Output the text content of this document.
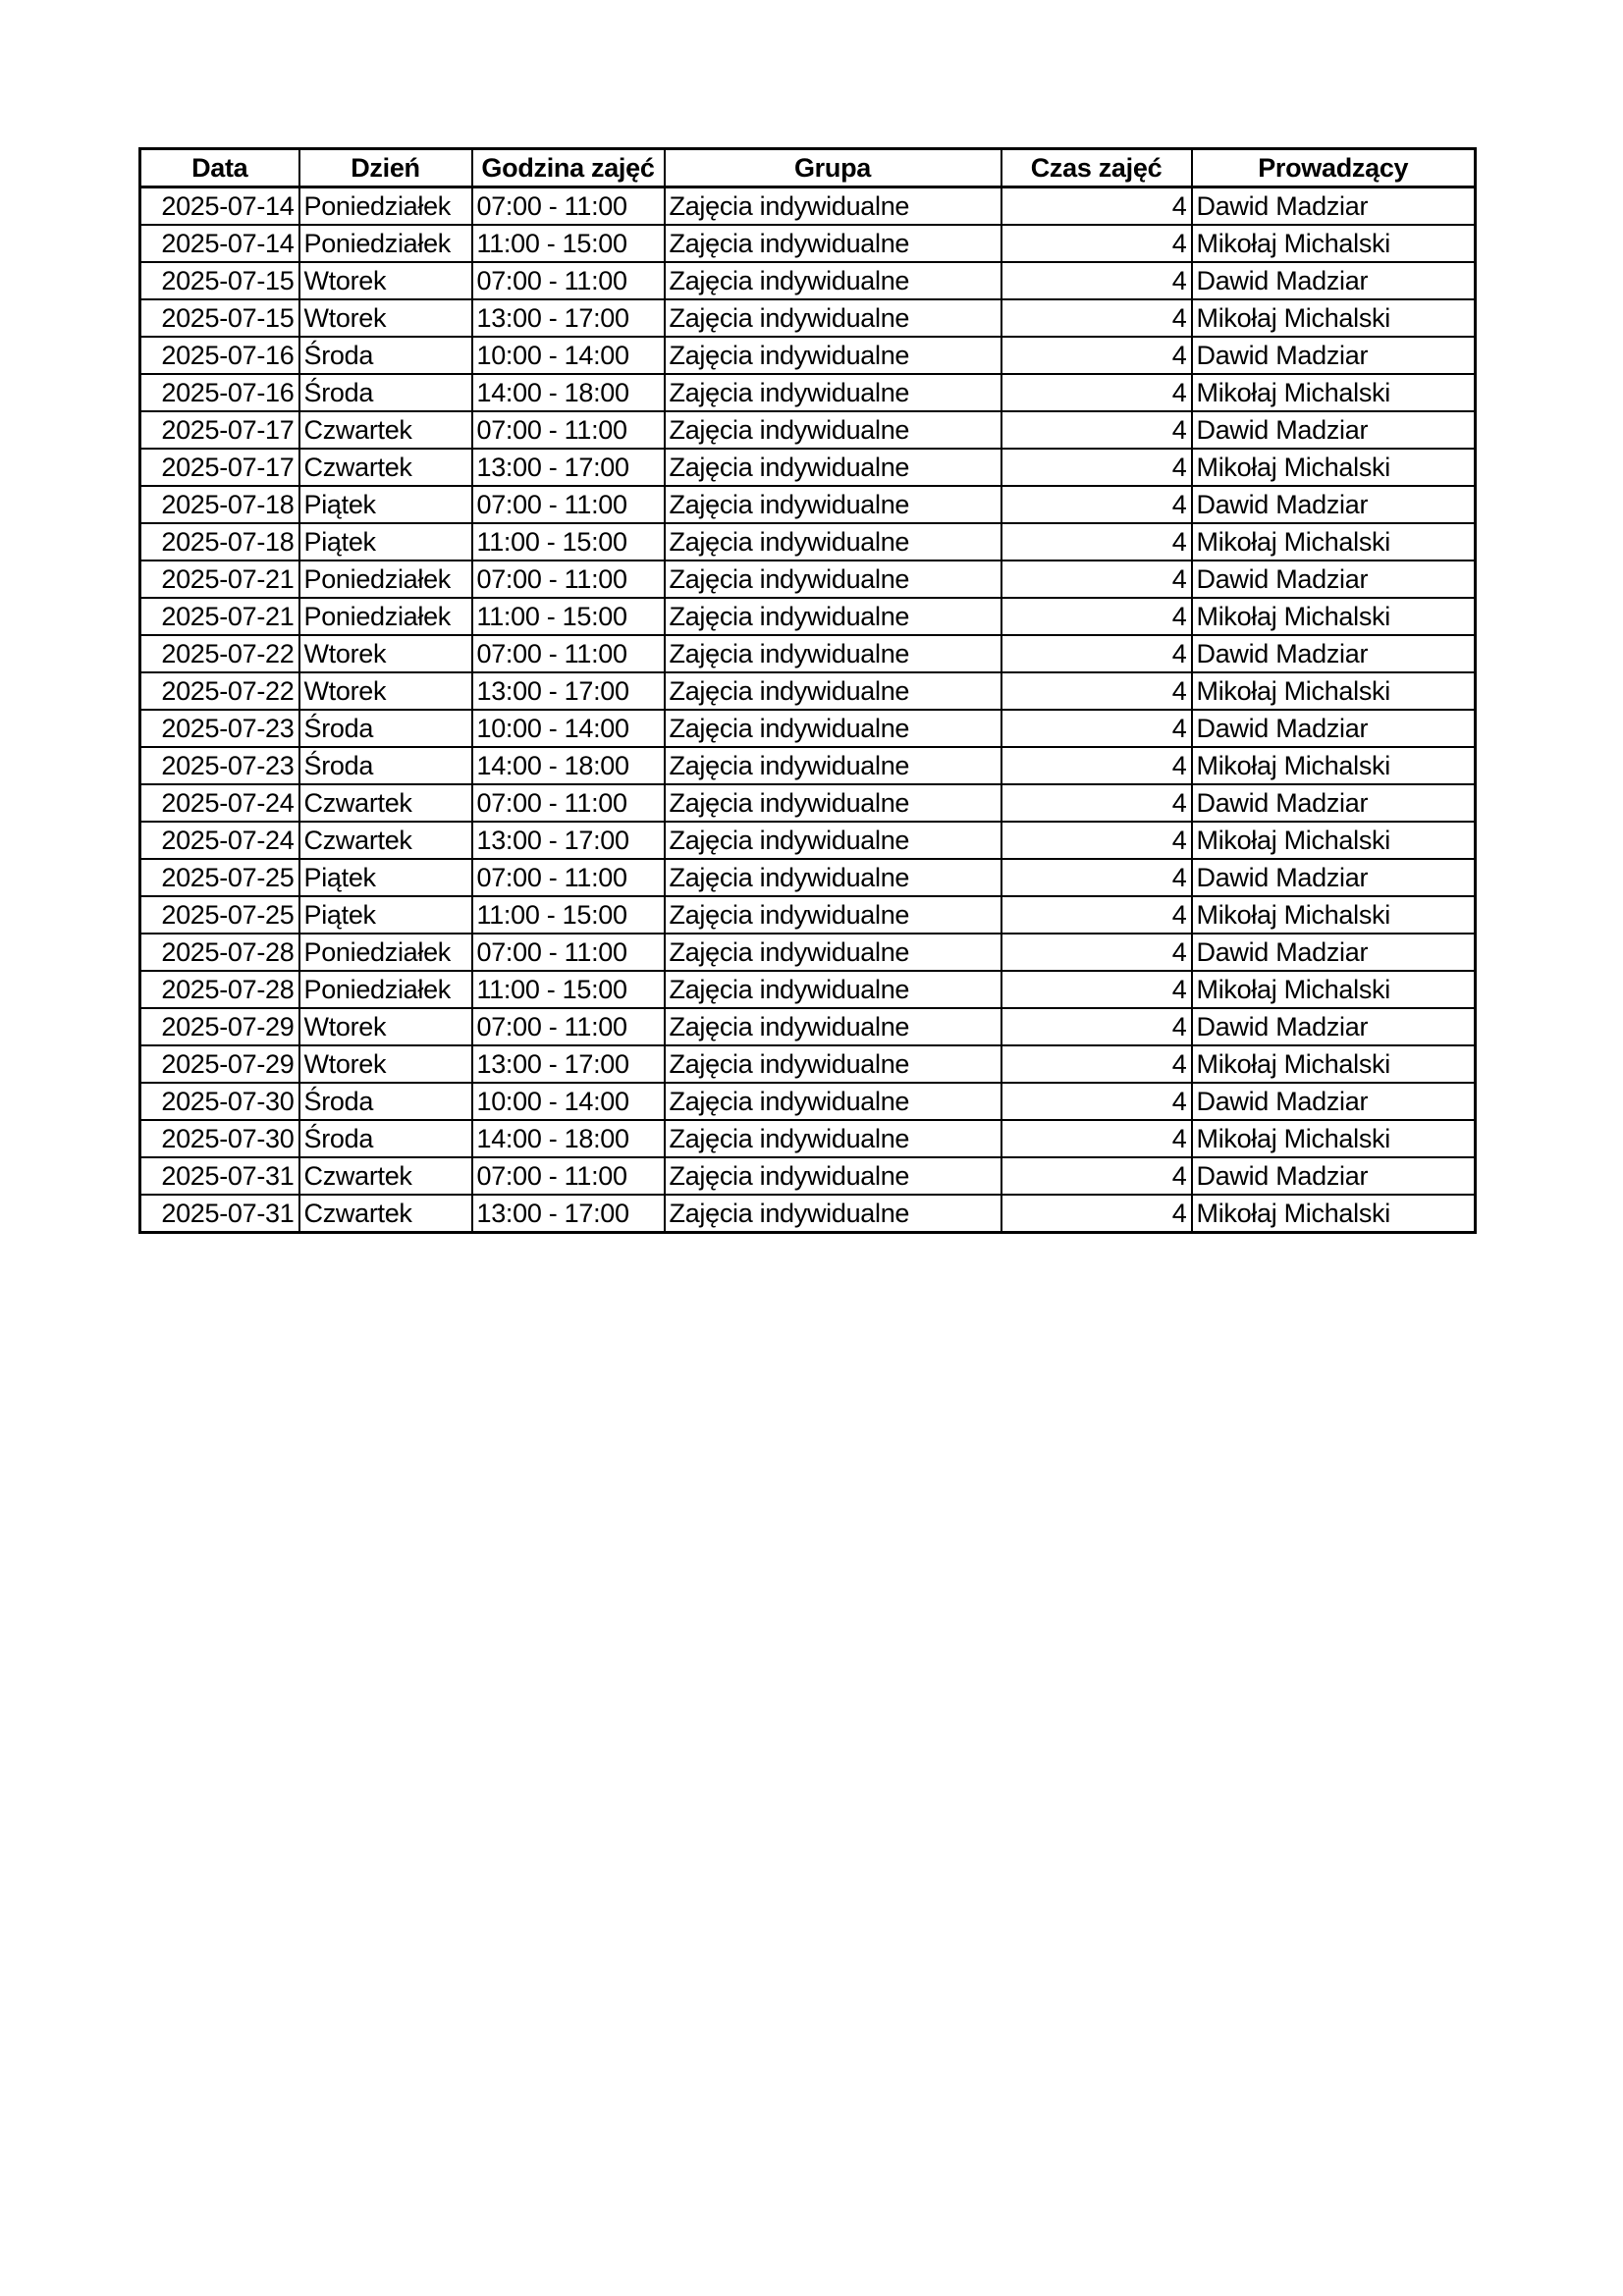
Data	Dzień	Godzina zajęć	Grupa	Czas zajęć	Prowadzący
2025-07-14	Poniedziałek	07:00 - 11:00	Zajęcia indywidualne	4	Dawid Madziar
2025-07-14	Poniedziałek	11:00 - 15:00	Zajęcia indywidualne	4	Mikołaj Michalski
2025-07-15	Wtorek	07:00 - 11:00	Zajęcia indywidualne	4	Dawid Madziar
2025-07-15	Wtorek	13:00 - 17:00	Zajęcia indywidualne	4	Mikołaj Michalski
2025-07-16	Środa	10:00 - 14:00	Zajęcia indywidualne	4	Dawid Madziar
2025-07-16	Środa	14:00 - 18:00	Zajęcia indywidualne	4	Mikołaj Michalski
2025-07-17	Czwartek	07:00 - 11:00	Zajęcia indywidualne	4	Dawid Madziar
2025-07-17	Czwartek	13:00 - 17:00	Zajęcia indywidualne	4	Mikołaj Michalski
2025-07-18	Piątek	07:00 - 11:00	Zajęcia indywidualne	4	Dawid Madziar
2025-07-18	Piątek	11:00 - 15:00	Zajęcia indywidualne	4	Mikołaj Michalski
2025-07-21	Poniedziałek	07:00 - 11:00	Zajęcia indywidualne	4	Dawid Madziar
2025-07-21	Poniedziałek	11:00 - 15:00	Zajęcia indywidualne	4	Mikołaj Michalski
2025-07-22	Wtorek	07:00 - 11:00	Zajęcia indywidualne	4	Dawid Madziar
2025-07-22	Wtorek	13:00 - 17:00	Zajęcia indywidualne	4	Mikołaj Michalski
2025-07-23	Środa	10:00 - 14:00	Zajęcia indywidualne	4	Dawid Madziar
2025-07-23	Środa	14:00 - 18:00	Zajęcia indywidualne	4	Mikołaj Michalski
2025-07-24	Czwartek	07:00 - 11:00	Zajęcia indywidualne	4	Dawid Madziar
2025-07-24	Czwartek	13:00 - 17:00	Zajęcia indywidualne	4	Mikołaj Michalski
2025-07-25	Piątek	07:00 - 11:00	Zajęcia indywidualne	4	Dawid Madziar
2025-07-25	Piątek	11:00 - 15:00	Zajęcia indywidualne	4	Mikołaj Michalski
2025-07-28	Poniedziałek	07:00 - 11:00	Zajęcia indywidualne	4	Dawid Madziar
2025-07-28	Poniedziałek	11:00 - 15:00	Zajęcia indywidualne	4	Mikołaj Michalski
2025-07-29	Wtorek	07:00 - 11:00	Zajęcia indywidualne	4	Dawid Madziar
2025-07-29	Wtorek	13:00 - 17:00	Zajęcia indywidualne	4	Mikołaj Michalski
2025-07-30	Środa	10:00 - 14:00	Zajęcia indywidualne	4	Dawid Madziar
2025-07-30	Środa	14:00 - 18:00	Zajęcia indywidualne	4	Mikołaj Michalski
2025-07-31	Czwartek	07:00 - 11:00	Zajęcia indywidualne	4	Dawid Madziar
2025-07-31	Czwartek	13:00 - 17:00	Zajęcia indywidualne	4	Mikołaj Michalski
